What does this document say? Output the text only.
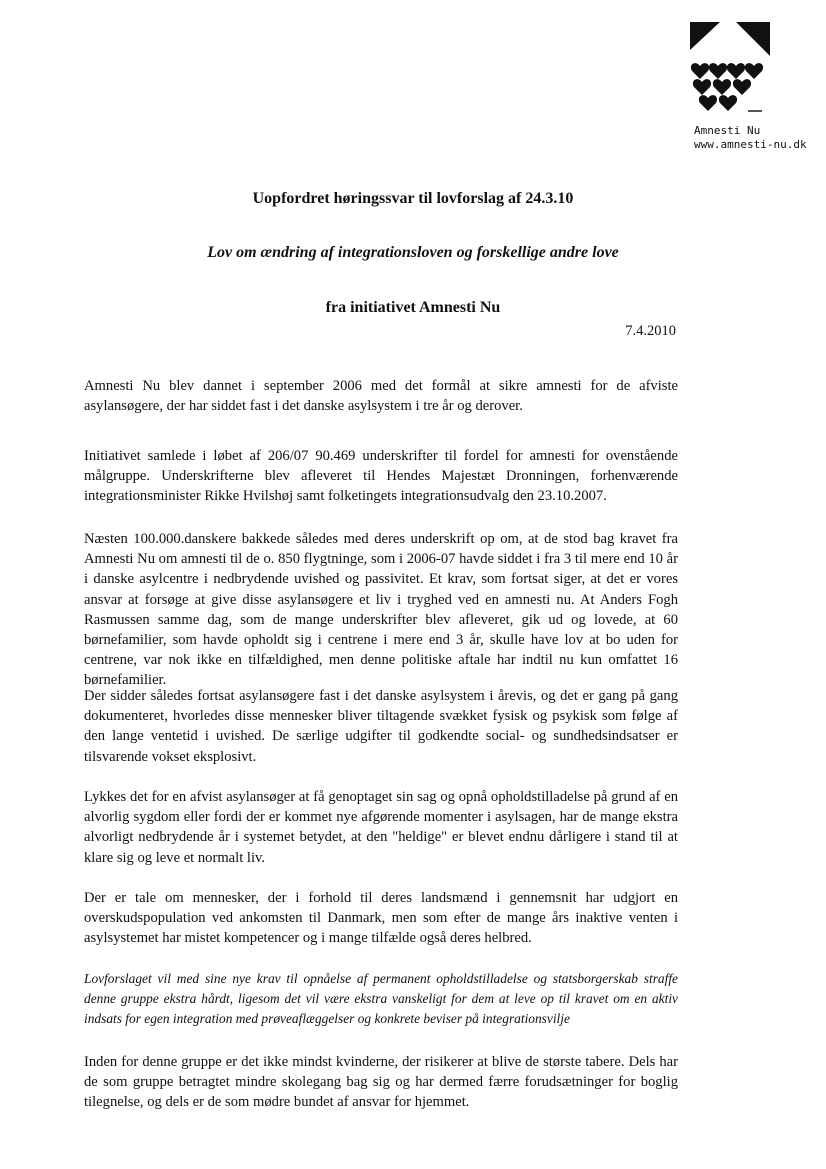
Amnesti Nu
www.amnesti-nu.dk
Uopfordret høringssvar til lovforslag af 24.3.10
Lov om ændring af integrationsloven og forskellige andre love
fra initiativet Amnesti Nu
7.4.2010

Amnesti Nu blev dannet i september 2006 med det formål at sikre amnesti for de afviste asylansøgere, der har siddet fast i det danske asylsystem i tre år og derover.

Initiativet samlede i løbet af 206/07 90.469 underskrifter til fordel for amnesti for ovenstående målgruppe. Underskrifterne blev afleveret til Hendes Majestæt Dronningen, forhenværende integrationsminister Rikke Hvilshøj samt folketingets integrationsudvalg den 23.10.2007.

Næsten 100.000.danskere bakkede således med deres underskrift op om, at de stod bag kravet fra Amnesti Nu om amnesti til de o. 850 flygtninge, som i 2006-07 havde siddet i fra 3 til mere end 10 år i danske asylcentre i nedbrydende uvished og passivitet. Et krav, som fortsat siger, at det er vores ansvar at forsøge at give disse asylansøgere et liv i tryghed ved en amnesti nu. At Anders Fogh Rasmussen samme dag, som de mange underskrifter blev afleveret, gik ud og lovede, at 60 børnefamilier, som havde opholdt sig i centrene i mere end 3 år, skulle have lov at bo uden for centrene, var nok ikke en tilfældighed, men denne politiske aftale har indtil nu kun omfattet 16 børnefamilier.

Der sidder således fortsat asylansøgere fast i det danske asylsystem i årevis, og det er gang på gang dokumenteret, hvorledes disse mennesker bliver tiltagende svækket fysisk og psykisk som følge af den lange ventetid i uvished. De særlige udgifter til godkendte social- og sundhedsindsatser er tilsvarende vokset eksplosivt.

Lykkes det for en afvist asylansøger at få genoptaget sin sag og opnå opholdstilladelse på grund af en alvorlig sygdom eller fordi der er kommet nye afgørende momenter i asylsagen, har de mange ekstra alvorligt nedbrydende år i systemet betydet, at den "heldige" er blevet endnu dårligere i stand til at klare sig og leve et normalt liv.

Der er tale om mennesker, der i forhold til deres landsmænd i gennemsnit har udgjort en overskudspopulation ved ankomsten til Danmark, men som efter de mange års inaktive venten i asylsystemet har mistet kompetencer og i mange tilfælde også deres helbred.

Lovforslaget vil med sine nye krav til opnåelse af permanent opholdstilladelse og statsborgerskab straffe denne gruppe ekstra hårdt, ligesom det vil være ekstra vanskeligt for dem at leve op til kravet om en aktiv indsats for egen integration med prøveaflæggelser og konkrete beviser på integrationsvilje

Inden for denne gruppe er det ikke mindst kvinderne, der risikerer at blive de største tabere. Dels har de som gruppe betragtet mindre skolegang bag sig og har dermed færre forudsætninger for boglig tilegnelse, og dels er de som mødre bundet af ansvar for hjemmet.
